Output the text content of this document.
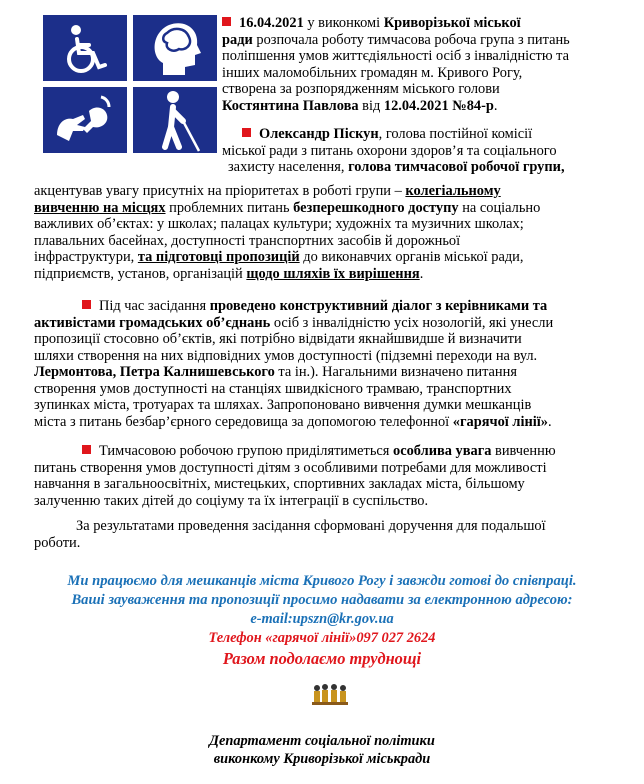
16.04.2021 у виконкомі Криворізької міської
ради розпочала роботу тимчасова робоча група з питань
поліпшення умов життєдіяльності осіб з інвалідністю та
інших маломобільних громадян м. Кривого Рогу,
створена за розпорядженням міського голови
Костянтина Павлова від 12.04.2021 №84-р.
Олександр Піскун, голова постійної комісії
міської ради з питань охорони здоров’я та соціального
захисту населення, голова тимчасової робочої групи,
акцентував увагу присутніх на пріоритетах в роботі групи – колегіальному
вивченню на місцях проблемних питань безперешкодного доступу на соціально
важливих об’єктах: у школах; палацах культури; художніх та музичних школах;
плавальних басейнах, доступності транспортних засобів й дорожньої
інфраструктури, та підготовці пропозицій до виконавчих органів міської ради,
підприємств, установ, організацій щодо шляхів їх вирішення.
Під час засідання проведено конструктивний діалог з керівниками та
активістами громадських об’єднань осіб з інвалідністю усіх нозологій, які унесли
пропозиції стосовно об’єктів, які потрібно відвідати якнайшвидше й визначити
шляхи створення на них відповідних умов доступності (підземні переходи на вул.
Лермонтова, Петра Калнишевського та ін.). Нагальними визначено питання
створення умов доступності на станціях швидкісного трамваю, транспортних
зупинках міста, тротуарах та шляхах. Запропоновано вивчення думки мешканців
міста з питань безбар’єрного середовища за допомогою телефонної «гарячої лінії».
Тимчасовою робочою групою приділятиметься особлива увага вивченню
питань створення умов доступності дітям з особливими потребами для можливості
навчання в загальноосвітніх, мистецьких, спортивних закладах міста, більшому
залученню таких дітей до соціуму та їх інтеграції в суспільство.
За результатами проведення засідання сформовані доручення для подальшої
роботи.
Ми працюємо для мешканців міста Кривого Рогу і завжди готові до співпраці.
Ваші зауваження та пропозиції просимо надавати за електронною адресою:
e-mail:upszn@kr.gov.ua
Телефон «гарячої лінії»097 027 2624
Разом подолаємо труднощі
Департамент соціальної політики
виконкому Криворізької міськради
